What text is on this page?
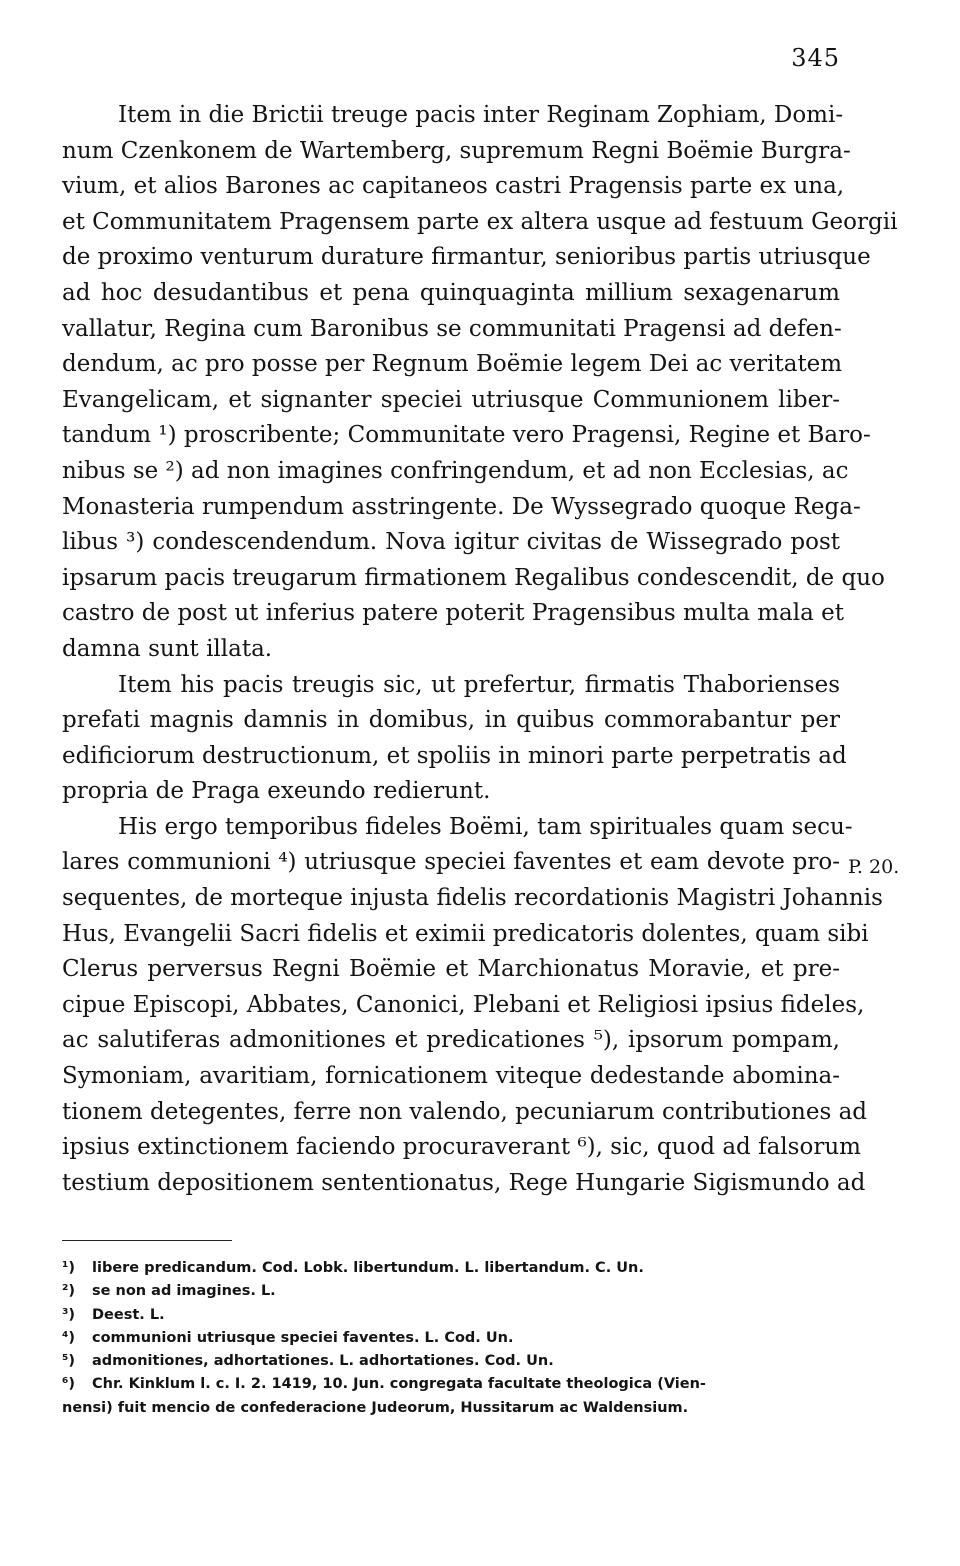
345
Item in die Brictii treuge pacis inter Reginam Zophiam, Domi-
num Czenkonem de Wartemberg, supremum Regni Boëmie Burgra-
vium, et alios Barones ac capitaneos castri Pragensis parte ex una,
et Communitatem Pragensem parte ex altera usque ad festuum Georgii
de proximo venturum durature firmantur, senioribus partis utriusque
ad hoc desudantibus et pena quinquaginta millium sexagenarum
vallatur, Regina cum Baronibus se communitati Pragensi ad defen-
dendum, ac pro posse per Regnum Boëmie legem Dei ac veritatem
Evangelicam, et signanter speciei utriusque Communionem liber-
tandum ¹) proscribente; Communitate vero Pragensi, Regine et Baro-
nibus se ²) ad non imagines confringendum, et ad non Ecclesias, ac
Monasteria rumpendum asstringente. De Wyssegrado quoque Rega-
libus ³) condescendendum. Nova igitur civitas de Wissegrado post
ipsarum pacis treugarum firmationem Regalibus condescendit, de quo
castro de post ut inferius patere poterit Pragensibus multa mala et
damna sunt illata.
Item his pacis treugis sic, ut prefertur, firmatis Thaborienses
prefati magnis damnis in domibus, in quibus commorabantur per
edificiorum destructionum, et spoliis in minori parte perpetratis ad
propria de Praga exeundo redierunt.
His ergo temporibus fideles Boëmi, tam spirituales quam secu-
lares communioni ⁴) utriusque speciei faventes et eam devote pro-
sequentes, de morteque injusta fidelis recordationis Magistri Johannis
Hus, Evangelii Sacri fidelis et eximii predicatoris dolentes, quam sibi
Clerus perversus Regni Boëmie et Marchionatus Moravie, et pre-
cipue Episcopi, Abbates, Canonici, Plebani et Religiosi ipsius fideles,
ac salutiferas admonitiones et predicationes ⁵), ipsorum pompam,
Symoniam, avaritiam, fornicationem viteque dedestande abomina-
tionem detegentes, ferre non valendo, pecuniarum contributiones ad
ipsius extinctionem faciendo procuraverant ⁶), sic, quod ad falsorum
testium depositionem sententionatus, Rege Hungarie Sigismundo ad
P. 20.
¹) libere predicandum. Cod. Lobk. libertundum. L. libertandum. C. Un.
²) se non ad imagines. L.
³) Deest. L.
⁴) communioni utriusque speciei faventes. L. Cod. Un.
⁵) admonitiones, adhortationes. L. adhortationes. Cod. Un.
⁶) Chr. Kinklum l. c. I. 2. 1419, 10. Jun. congregata facultate theologica (Vien-
nensi) fuit mencio de confederacione Judeorum, Hussitarum ac Waldensium.
